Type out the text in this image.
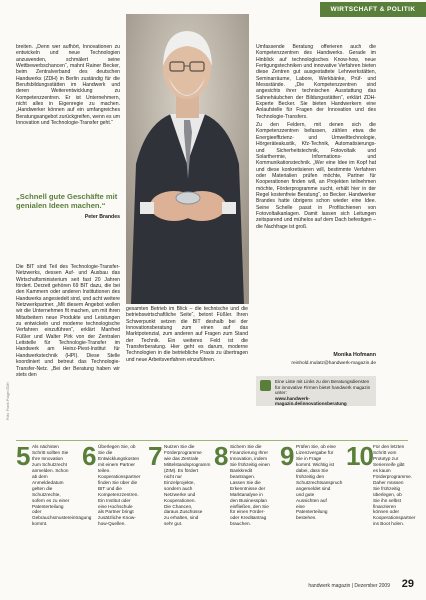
WIRTSCHAFT & POLITIK
Foto: Frank Prager/ZDH

breiten. „Denn wer aufhört, Innovationen zu entwickeln und neue Technologien anzuwenden, schmälert seine Wettbewerbschancen“, mahnt Rainer Becker, beim Zentralverband des deutschen Handwerks (ZDH) in Berlin zuständig für die Berufsbildungsstätten im Handwerk und deren Weiterentwicklung zu Kompetenzzentren. Er ist Unternehmern, nicht alles in Eigenregie zu machen. „Handwerker können auf ein umfangreiches Beratungsangebot zurückgreifen, wenn es um Innovation und Technologie-Transfer geht.“

„Schnell gute Geschäfte mit genialen Ideen machen.“

Peter Brandes

Die BIT sind Teil des Technologie-Transfer-Netzwerks, dessen Auf- und Ausbau das Wirtschaftsministerium seit fast 20 Jahren fördert. Derzeit gehören 69 BIT dazu, die bei den Kammern oder anderen Institutionen des Handwerks angesiedelt sind, und acht weitere Netzwerkpartner. „Mit diesem Angebot wollen wir die Unternehmen fit machen, um mit ihren Mitarbeitern neue Produkte und Leistungen zu entwickeln und moderne technologische Verfahren einzuführen“, erklärt Manfred Füßler und Walter Pirk von der Zentralen Leitstelle für Technologie-Transfer im Handwerk am Heinz-Piest-Institut für Handwerkstechnik (HPI). Diese Stelle koordiniert und betreut das Technologie-Transfer-Netz. „Bei der Beratung haben wir stets den

gesamten Betrieb im Blick – die technische und die betriebswirtschaftliche Seite“, betont Füßler. Ihren Schwerpunkt setzen die BIT deshalb bei der Innovationsberatung zum einen auf das Marktpotenzial, zum anderen auf Fragen zum Stand der Technik. Ein weiteres Feld ist die Transferberatung. Hier geht es darum, moderne Technologien in die betriebliche Praxis zu übertragen und neue Arbeitsverfahren einzuführen.

Umfassende Beratung offerieren auch die Kompetenzzentren des Handwerks. Gerade im Hinblick auf technologisches Know-how, neue Fertigungstechniken und innovative Verfahren bieten diese Zentren gut ausgestattete Lehrwerkstätten, Seminarräume, Labore, Werkbänke, Prüf- und Messstände. „Die Kompetenzzentren sind angesichts ihrer technischen Ausstattung das Sahnehäubchen der Bildungsstätten“, erklärt ZDH-Experte Becker. Sie bieten Handwerkern eine Anlaufstelle für Fragen der Innovation und des Technologie-Transfers.

Zu den Feldern, mit denen sich die Kompetenzzentren befassen, zählen etwa die Energieeffizienz- und Umwelttechnologie, Hörgeräteakustik, Kfz-Technik, Automatisierungs- und Sicherheitstechnik, Fotovoltaik und Solarthermie, Informations- und Kommunikationstechnik. „Wer eine Idee im Kopf hat und diese konkretisieren will, bestimmte Verfahren oder Materialien prüfen möchte, Partner für Kooperationen finden will, an Projekten teilnehmen möchte, Förderprogramme sucht, erhält hier in der Regel kostenfreie Beratung“, so Becker. Handwerker Brandes hatte übrigens schon wieder eine Idee. Seine Schelle passt in Profilschienen von Fotovoltaikanlagen. Damit lassen sich Leitungen zeitsparend und mühelos auf dem Dach befestigen – die Nachfrage ist groß.

Monika Hofmann
reinhold.mulatz@handwerk-magazin.de
Eine Liste mit Links zu den Beratungsdiensten für innovative Firmen bietet handwerk magazin unter:
www.handwerk-magazin.de/innovationsberatung
5 Als nächsten Schritt sollten Sie Ihre Innovation zum Schutzrecht anmelden. Schon ab dem Anmeldedatum gelten die Schutzrechte, sofern es zu einer Patenterteilung oder Gebrauchsmustereintragung kommt.
6 Überlegen Sie, ob Sie die Entwicklungskosten mit einem Partner teilen. Kooperationspartner finden Sie über die BIT und die Kompetenzzentren. Ein Institut oder eine Hochschule als Partner bringt zusätzliche Know-how-Quellen.
7 Nutzen Sie die Förderprogramme wie das Zentrale Mittelstandsprogramm (ZIM). Es fördert nicht nur Einzelprojekte, sondern auch Netzwerke und Kooperationen. Die Chancen, daraus Zuschüsse zu erhalten, sind sehr gut.
8 Sichern Sie die Finanzierung Ihrer Innovation, indem Sie frühzeitig einen Bankkredit beantragen. Lassen Sie die Erkenntnisse der Marktanalyse in den Businessplan einfließen, den Sie für einen Förder- oder Kreditantrag brauchen.
9 Prüfen Sie, ob eine Lizenzvergabe für Sie in Frage kommt. Wichtig ist dabei, dass Sie frühzeitig den Schutzrechtsanspruch angemeldet sind und gute Aussichten auf eine Patenterteilung bestehen.
10 Für den letzten Schritt vom Prototyp zur Serienreife gibt es kaum Förderprogramme. Daher müssen Sie frühzeitig überlegen, ob Sie ihn selbst finanzieren können oder Kooperationspartner ins Boot holen.
handwerk magazin | Dezember 2009 29
